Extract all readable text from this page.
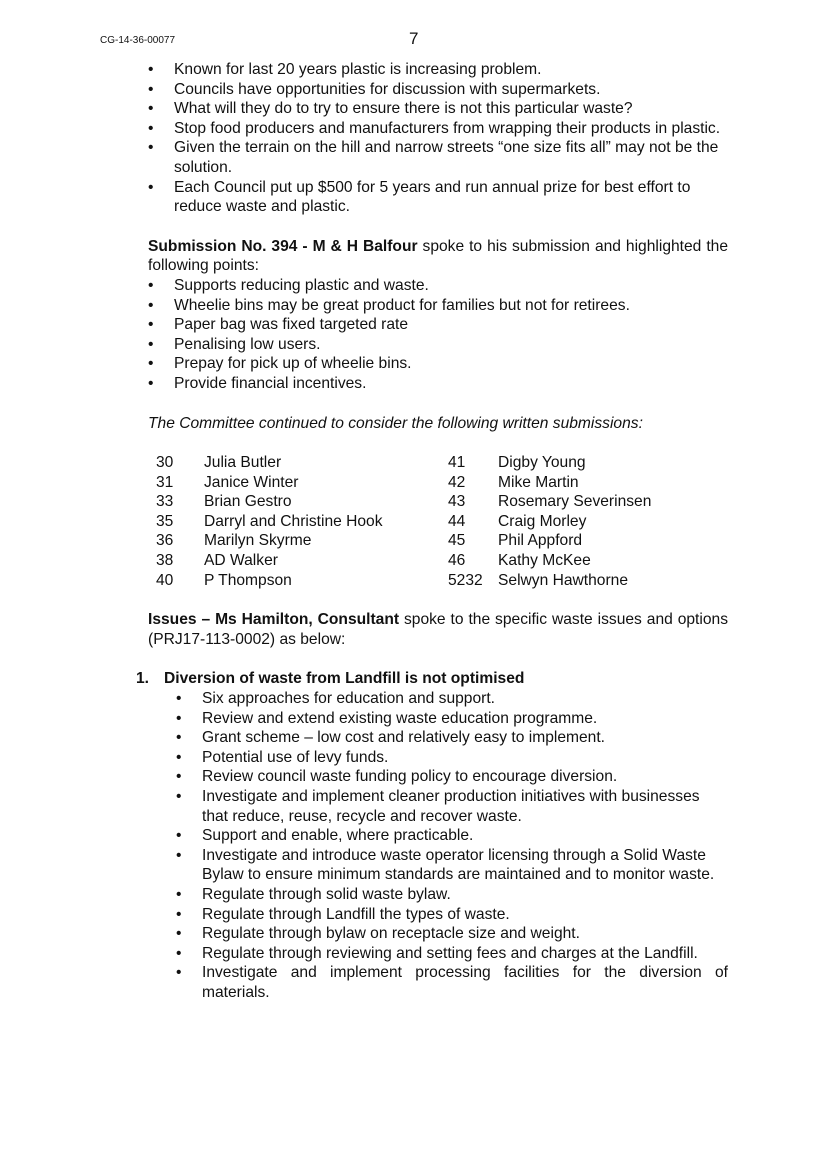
CG-14-36-00077	7
• Known for last 20 years plastic is increasing problem.
• Councils have opportunities for discussion with supermarkets.
• What will they do to try to ensure there is not this particular waste?
• Stop food producers and manufacturers from wrapping their products in plastic.
• Given the terrain on the hill and narrow streets “one size fits all” may not be the solution.
• Each Council put up $500 for 5 years and run annual prize for best effort to reduce waste and plastic.

Submission No. 394 - M & H Balfour spoke to his submission and highlighted the following points:

• Supports reducing plastic and waste.
• Wheelie bins may be great product for families but not for retirees.
• Paper bag was fixed targeted rate
• Penalising low users.
• Prepay for pick up of wheelie bins.
• Provide financial incentives.

The Committee continued to consider the following written submissions:

30	Julia Butler	41	Digby Young
31	Janice Winter	42	Mike Martin
33	Brian Gestro	43	Rosemary Severinsen
35	Darryl and Christine Hook	44	Craig Morley
36	Marilyn Skyrme	45	Phil Appford
38	AD Walker	46	Kathy McKee
40	P Thompson	5232	Selwyn Hawthorne

Issues – Ms Hamilton, Consultant spoke to the specific waste issues and options (PRJ17-113-0002) as below:

1. Diversion of waste from Landfill is not optimised

• Six approaches for education and support.
• Review and extend existing waste education programme.
• Grant scheme – low cost and relatively easy to implement.
• Potential use of levy funds.
• Review council waste funding policy to encourage diversion.
• Investigate and implement cleaner production initiatives with businesses that reduce, reuse, recycle and recover waste.
• Support and enable, where practicable.
• Investigate and introduce waste operator licensing through a Solid Waste Bylaw to ensure minimum standards are maintained and to monitor waste.
• Regulate through solid waste bylaw.
• Regulate through Landfill the types of waste.
• Regulate through bylaw on receptacle size and weight.
• Regulate through reviewing and setting fees and charges at the Landfill.
• Investigate and implement processing facilities for the diversion of materials.
